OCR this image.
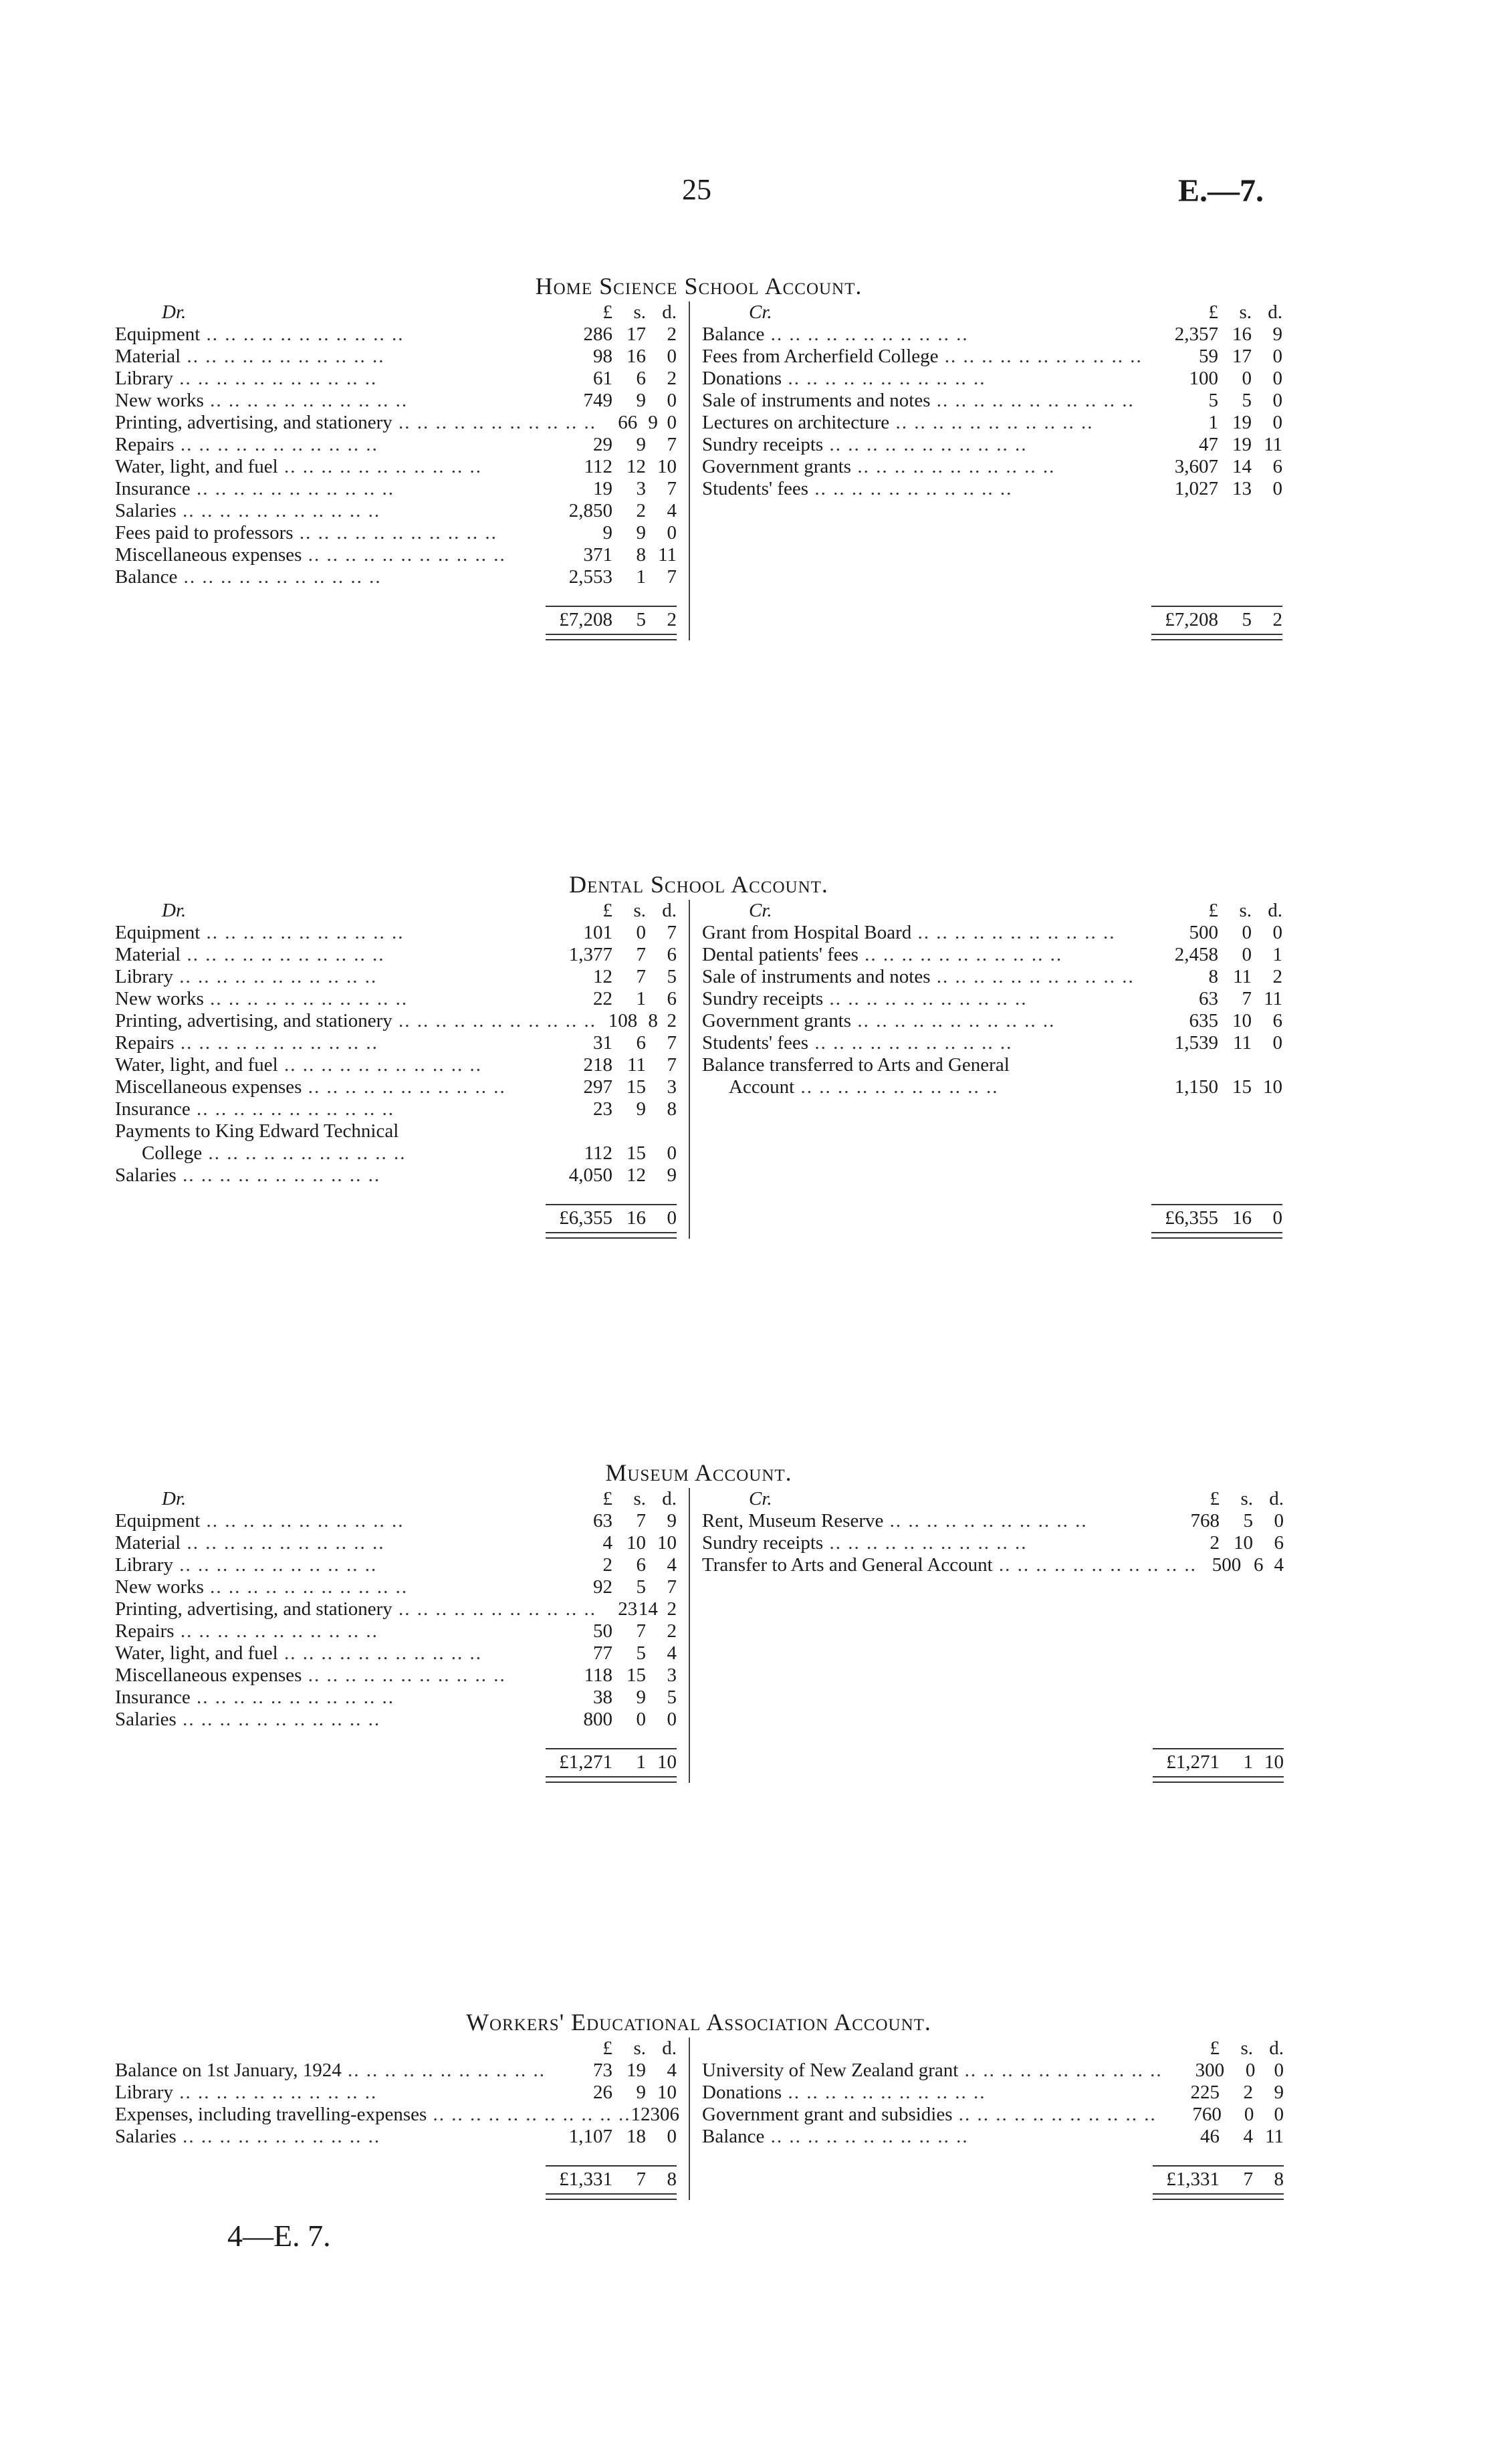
25	E.—7.
Home Science School Account.
Dr.	£	s. d.
Equipment .. .. .. .. .. .. .. .. .. .. ..	286 17	2
Material .. .. .. .. .. .. .. .. .. .. ..	98 16	0
Library .. .. .. .. .. .. .. .. .. .. ..	61	6	2
New works .. .. .. .. .. .. .. .. .. .. ..	749	9	0
Printing, advertising, and stationery .. .. .. .. .. .. .. .. .. .. ..	66 9 0
Repairs .. .. .. .. .. .. .. .. .. .. ..	29	9	7
Water, light, and fuel .. .. .. .. .. .. .. .. .. .. ..	112 12 10
Insurance .. .. .. .. .. .. .. .. .. .. ..	19	3	7
Salaries .. .. .. .. .. .. .. .. .. .. ..	2,850	2	4
Fees paid to professors .. .. .. .. .. .. .. .. .. .. ..	9	9	0
Miscellaneous expenses .. .. .. .. .. .. .. .. .. .. ..	371	8 11
Balance .. .. .. .. .. .. .. .. .. .. ..	2,553	1	7
£7,208	5	2
Cr.	£	s. d.
Balance .. .. .. .. .. .. .. .. .. .. ..	2,357 16	9
Fees from Archerfield College .. .. .. .. .. .. .. .. .. .. ..	59 17	0
Donations .. .. .. .. .. .. .. .. .. .. ..	100	0	0
Sale of instruments and notes .. .. .. .. .. .. .. .. .. .. ..	5	5	0
Lectures on architecture .. .. .. .. .. .. .. .. .. .. ..	1 19	0
Sundry receipts .. .. .. .. .. .. .. .. .. .. ..	47 19 11
Government grants .. .. .. .. .. .. .. .. .. .. ..	3,607 14	6
Students' fees .. .. .. .. .. .. .. .. .. .. ..	1,027 13	0
£7,208	5	2
Dental School Account.
Dr.	£	s. d.
Equipment .. .. .. .. .. .. .. .. .. .. ..	101	0	7
Material .. .. .. .. .. .. .. .. .. .. ..	1,377	7	6
Library .. .. .. .. .. .. .. .. .. .. ..	12	7	5
New works .. .. .. .. .. .. .. .. .. .. ..	22	1	6
Printing, advertising, and stationery .. .. .. .. .. .. .. .. .. .. .. 108 8 2
Repairs .. .. .. .. .. .. .. .. .. .. ..	31	6	7
Water, light, and fuel .. .. .. .. .. .. .. .. .. .. ..	218 11	7
Miscellaneous expenses .. .. .. .. .. .. .. .. .. .. ..	297 15	3
Insurance .. .. .. .. .. .. .. .. .. .. ..	23	9	8
Payments to King Edward Technical
College .. .. .. .. .. .. .. .. .. .. ..	112 15	0
Salaries .. .. .. .. .. .. .. .. .. .. ..	4,050 12	9
£6,355 16	0
Cr.	£	s. d.
Grant from Hospital Board .. .. .. .. .. .. .. .. .. .. ..	500	0	0
Dental patients' fees .. .. .. .. .. .. .. .. .. .. ..	2,458	0	1
Sale of instruments and notes .. .. .. .. .. .. .. .. .. .. ..	8 11	2
Sundry receipts .. .. .. .. .. .. .. .. .. .. ..	63	7 11
Government grants .. .. .. .. .. .. .. .. .. .. ..	635 10	6
Students' fees .. .. .. .. .. .. .. .. .. .. ..	1,539 11	0
Balance transferred to Arts and General
Account .. .. .. .. .. .. .. .. .. .. ..	1,150 15 10
£6,355 16	0
Museum Account.
Dr.	£	s. d.
Equipment .. .. .. .. .. .. .. .. .. .. ..	63	7	9
Material .. .. .. .. .. .. .. .. .. .. ..	4 10 10
Library .. .. .. .. .. .. .. .. .. .. ..	2	6	4
New works .. .. .. .. .. .. .. .. .. .. ..	92	5	7
Printing, advertising, and stationery .. .. .. .. .. .. .. .. .. .. ..	23 14 2
Repairs .. .. .. .. .. .. .. .. .. .. ..	50	7	2
Water, light, and fuel .. .. .. .. .. .. .. .. .. .. ..	77	5	4
Miscellaneous expenses .. .. .. .. .. .. .. .. .. .. ..	118 15	3
Insurance .. .. .. .. .. .. .. .. .. .. ..	38	9	5
Salaries .. .. .. .. .. .. .. .. .. .. ..	800	0	0
£1,271	1 10
Cr.	£	s. d.
Rent, Museum Reserve .. .. .. .. .. .. .. .. .. .. ..	768	5	0
Sundry receipts .. .. .. .. .. .. .. .. .. .. ..	2 10	6
Transfer to Arts and General Account .. .. .. .. .. .. .. .. .. .. .. 500 6 4
£1,271	1 10
Workers' Educational Association Account.
£	s. d.
Balance on 1st January, 1924 .. .. .. .. .. .. .. .. .. .. ..	73 19	4
Library .. .. .. .. .. .. .. .. .. .. ..	26	9 10
Expenses, including travelling-expenses .. .. .. .. .. .. .. .. .. .. .. 123 0 6
Salaries .. .. .. .. .. .. .. .. .. .. ..	1,107 18	0
£1,331	7	8
£	s. d.
University of New Zealand grant .. .. .. .. .. .. .. .. .. .. ..	300	0 0
Donations .. .. .. .. .. .. .. .. .. .. ..	225	2	9
Government grant and subsidies .. .. .. .. .. .. .. .. .. .. ..	760	0	0
Balance .. .. .. .. .. .. .. .. .. .. ..	46	4 11
£1,331	7	8
4—E. 7.
